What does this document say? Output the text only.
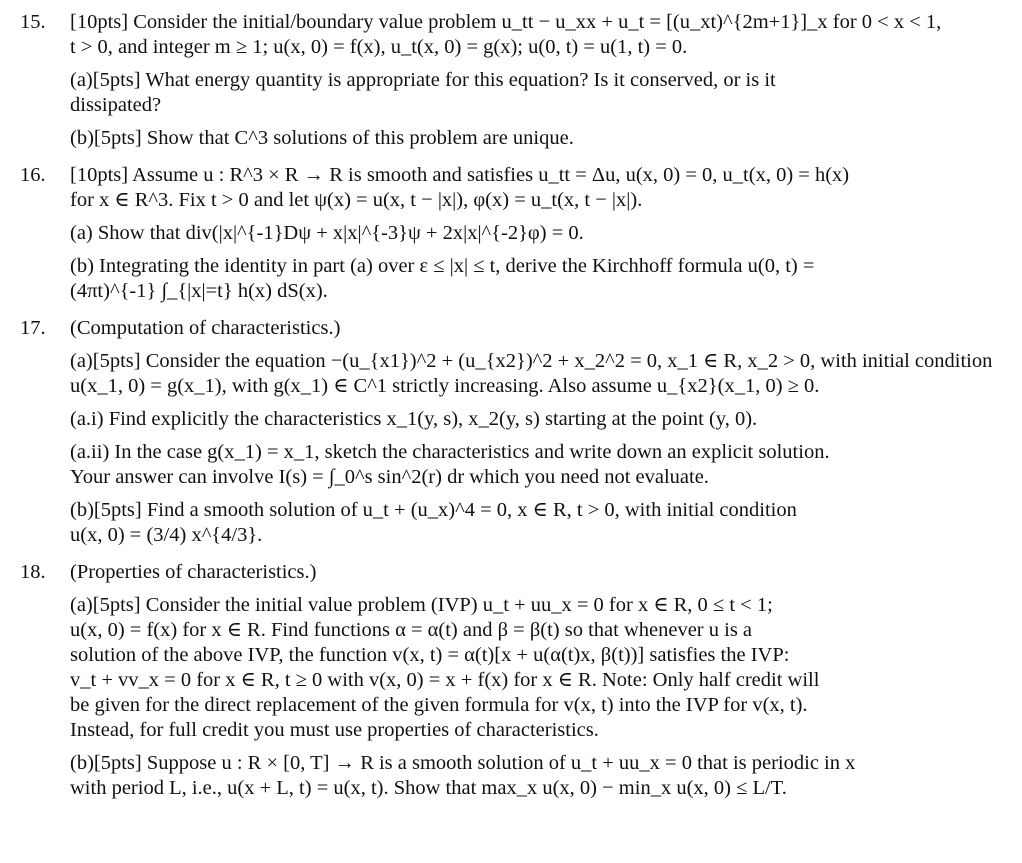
15. [10pts] Consider the initial/boundary value problem u_tt − u_xx + u_t = [(u_xt)^{2m+1}]_x for 0 < x < 1,
t > 0, and integer m ≥ 1; u(x, 0) = f(x), u_t(x, 0) = g(x); u(0, t) = u(1, t) = 0.
(a)[5pts] What energy quantity is appropriate for this equation? Is it conserved, or is it
dissipated?
(b)[5pts] Show that C^3 solutions of this problem are unique.
16. [10pts] Assume u : R^3 × R → R is smooth and satisfies u_tt = Δu, u(x, 0) = 0, u_t(x, 0) = h(x)
for x ∈ R^3. Fix t > 0 and let ψ(x) = u(x, t − |x|), φ(x) = u_t(x, t − |x|).
(a) Show that div(|x|^{-1}Dψ + x|x|^{-3}ψ + 2x|x|^{-2}φ) = 0.
(b) Integrating the identity in part (a) over ε ≤ |x| ≤ t, derive the Kirchhoff formula u(0, t) =
(4πt)^{-1} ∫_{|x|=t} h(x) dS(x).
17. (Computation of characteristics.)
(a)[5pts] Consider the equation −(u_{x1})^2 + (u_{x2})^2 + x_2^2 = 0, x_1 ∈ R, x_2 > 0, with initial condition
u(x_1, 0) = g(x_1), with g(x_1) ∈ C^1 strictly increasing. Also assume u_{x2}(x_1, 0) ≥ 0.
(a.i) Find explicitly the characteristics x_1(y, s), x_2(y, s) starting at the point (y, 0).
(a.ii) In the case g(x_1) = x_1, sketch the characteristics and write down an explicit solution.
Your answer can involve I(s) = ∫_0^s sin^2(r) dr which you need not evaluate.
(b)[5pts] Find a smooth solution of u_t + (u_x)^4 = 0, x ∈ R, t > 0, with initial condition
u(x, 0) = (3/4) x^{4/3}.
18. (Properties of characteristics.)
(a)[5pts] Consider the initial value problem (IVP) u_t + uu_x = 0 for x ∈ R, 0 ≤ t < 1;
u(x, 0) = f(x) for x ∈ R. Find functions α = α(t) and β = β(t) so that whenever u is a
solution of the above IVP, the function v(x, t) = α(t)[x + u(α(t)x, β(t))] satisfies the IVP:
v_t + vv_x = 0 for x ∈ R, t ≥ 0 with v(x, 0) = x + f(x) for x ∈ R. Note: Only half credit will
be given for the direct replacement of the given formula for v(x, t) into the IVP for v(x, t).
Instead, for full credit you must use properties of characteristics.
(b)[5pts] Suppose u : R × [0, T] → R is a smooth solution of u_t + uu_x = 0 that is periodic in x
with period L, i.e., u(x + L, t) = u(x, t). Show that max_x u(x, 0) − min_x u(x, 0) ≤ L/T.
